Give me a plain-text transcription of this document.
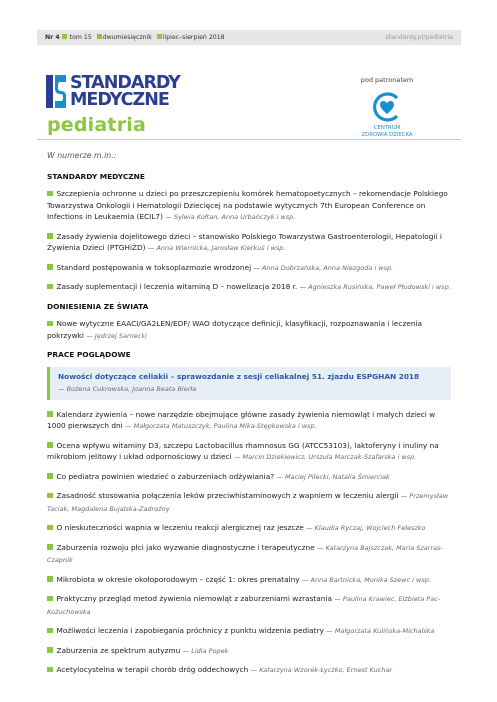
Nr 4 tom 15 dwumiesięcznik lipiec–sierpień 2018	standardy.pl/pediatria
STANDARDY
MEDYCZNE
pediatria
pod patronatem
CENTRUM
ZDROWIA DZIECKA
W numerze m.in.:
STANDARDY MEDYCZNE
Szczepienia ochronne u dzieci po przeszczepieniu komórek hematopoetycznych – rekomendacje Polskiego Towarzystwa Onkologii i Hematologii Dziecięcej na podstawie wytycznych 7th European Conference on Infections in Leukaemia (ECIL7) — Sylwia Kołtan, Anna Urbańczyk i wsp.
Zasady żywienia dojelitowego dzieci – stanowisko Polskiego Towarzystwa Gastroenterologii, Hepatologii i Żywienia Dzieci (PTGHiŻD) — Anna Wiernicka, Jarosław Kierkuś i wsp.
Standard postępowania w toksoplazmozie wrodzonej — Anna Dobrzańska, Anna Niezgoda i wsp.
Zasady suplementacji i leczenia witaminą D – nowelizacja 2018 r. — Agnieszka Rusińska, Paweł Płudowski i wsp.
DONIESIENIA ZE ŚWIATA
Nowe wytyczne EAACI/GA2LEN/EDF/ WAO dotyczące definicji, klasyfikacji, rozpoznawania i leczenia pokrzywki — Jędrzej Sarnecki
PRACE POGLĄDOWE
Nowości dotyczące celiakii – sprawozdanie z sesji celiakalnej 51. zjazdu ESPGHAN 2018
— Bożena Cukrowska, Joanna Beata Bierła
Kalendarz żywienia – nowe narzędzie obejmujące główne zasady żywienia niemowląt i małych dzieci w 1000 pierwszych dni — Małgorzata Matuszczyk, Paulina Mika-Stępkowska i wsp.
Ocena wpływu witaminy D3, szczepu Lactobacillus rhamnosus GG (ATCC53103), laktoferyny i inuliny na mikrobiom jelitowy i układ odpornościowy u dzieci — Marcin Dziekiewicz, Urszula Marczak-Szafarska i wsp.
Co pediatra powinien wiedzieć o zaburzeniach odżywiania? — Maciej Pilecki, Natalia Śmierciak
Zasadność stosowania połączenia leków przeciwhistaminowych z wapniem w leczeniu alergii — Przemysław Taciak, Magdalena Bujalska-Zadrożny
O nieskuteczności wapnia w leczeniu reakcji alergicznej raz jeszcze — Klaudia Ryczaj, Wojciech Feleszko
Zaburzenia rozwoju płci jako wyzwanie diagnostyczne i terapeutyczne — Katarzyna Bajszczak, Maria Szarras-Czapnik
Mikrobiota w okresie okołoporodowym – część 1: okres prenatalny — Anna Bartnicka, Monika Szewc i wsp.
Praktyczny przegląd metod żywienia niemowląt z zaburzeniami wzrastania — Paulina Krawiec, Elżbieta Pac-Kożuchowska
Możliwości leczenia i zapobiegania próchnicy z punktu widzenia pediatry — Małgorzata Kulińska-Michalska
Zaburzenia ze spektrum autyzmu — Lidia Popek
Acetylocysteina w terapii chorób dróg oddechowych — Katarzyna Wzorek-Łyczko, Ernest Kuchar
